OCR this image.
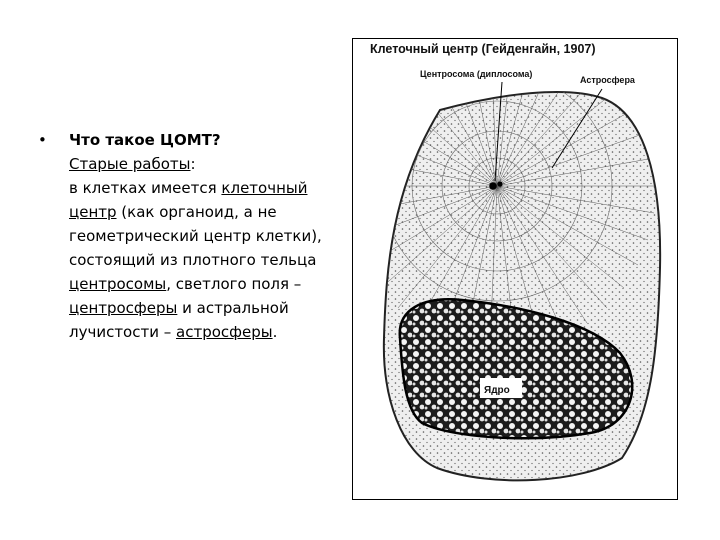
• Что такое ЦОМТ?
Старые работы:
в клетках имеется клеточный центр (как органоид, а не геометрический центр клетки), состоящий из плотного тельца центросомы, светлого поля – центросферы и астральной лучистости – астросферы.
Клеточный центр (Гейденгайн, 1907)
Центросома (диплосома)
Астросфера
Ядро
